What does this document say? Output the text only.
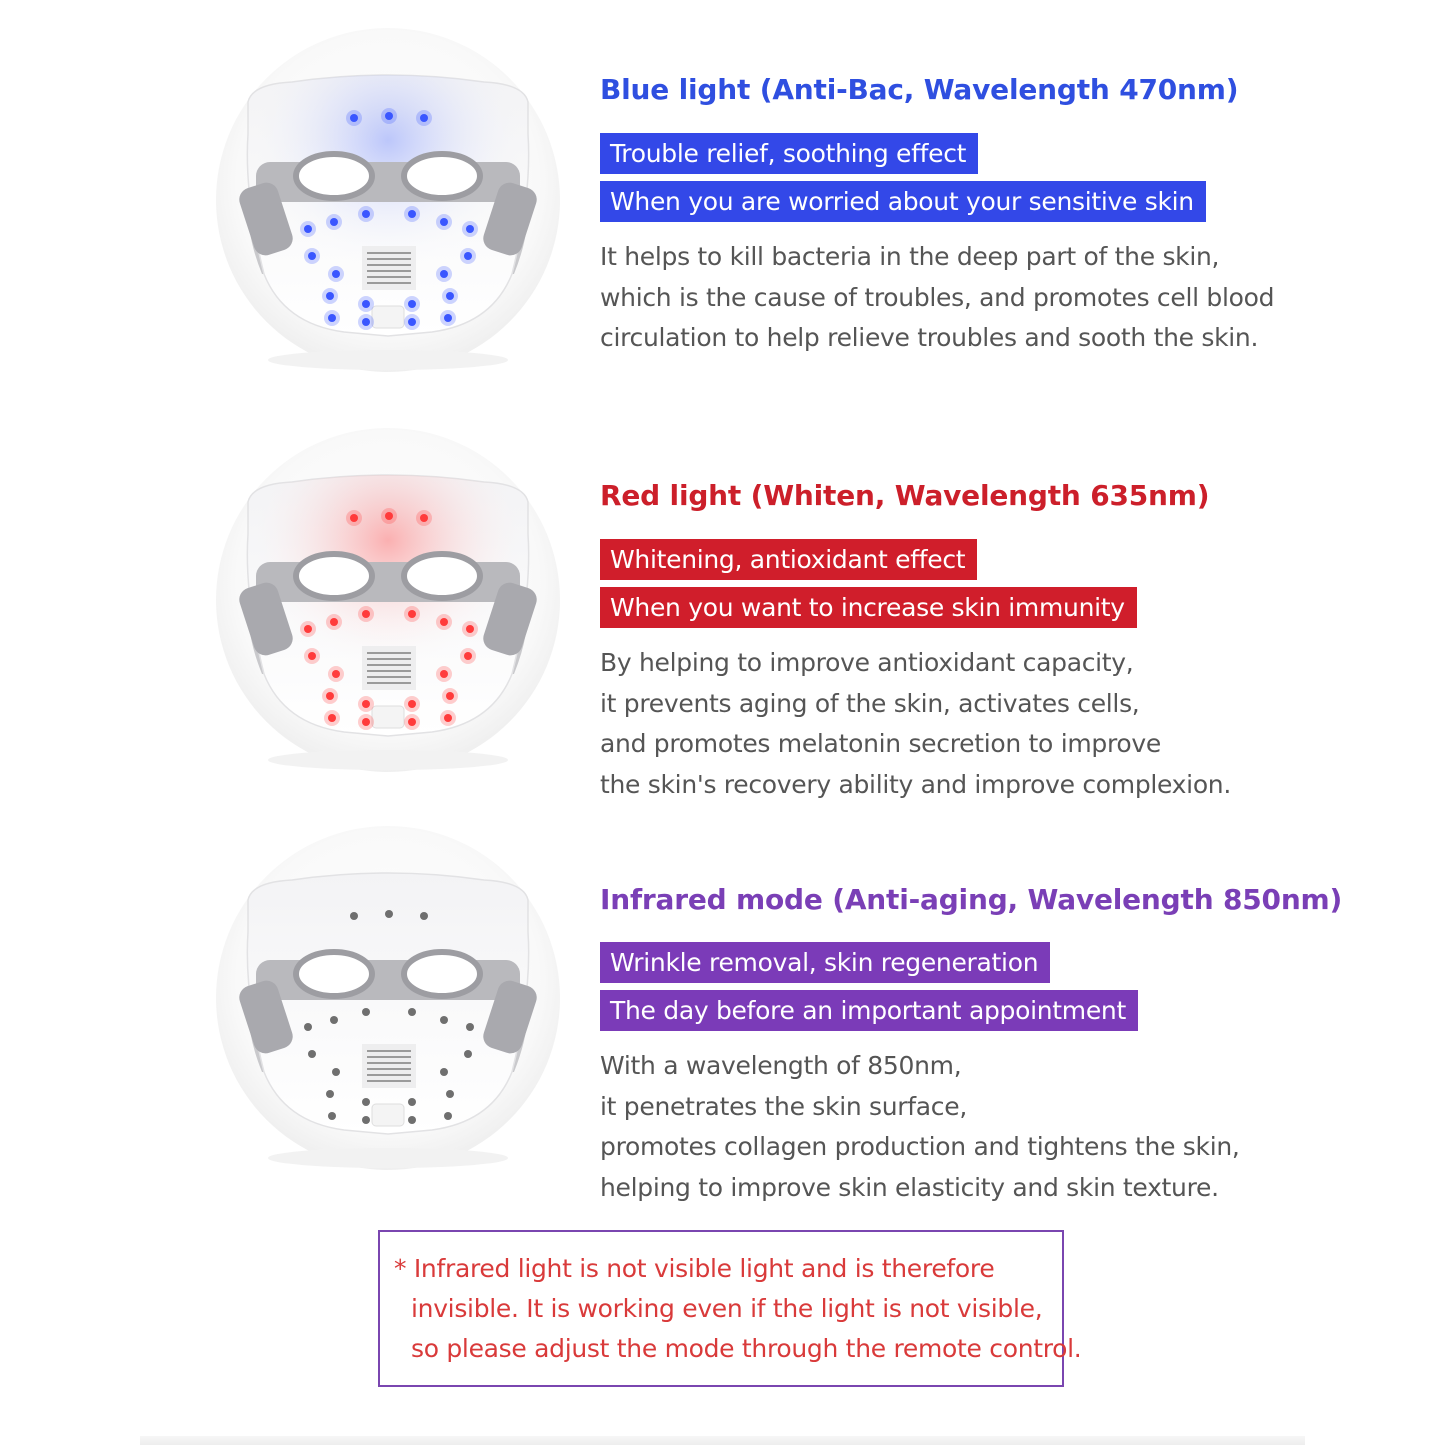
Blue light (Anti-Bac, Wavelength 470nm)
Trouble relief, soothing effect
When you are worried about your sensitive skin
It helps to kill bacteria in the deep part of the skin,
which is the cause of troubles, and promotes cell blood
circulation to help relieve troubles and sooth the skin.
Red light (Whiten, Wavelength 635nm)
Whitening, antioxidant effect
When you want to increase skin immunity
By helping to improve antioxidant capacity,
it prevents aging of the skin, activates cells,
and promotes melatonin secretion to improve
the skin's recovery ability and improve complexion.
Infrared mode (Anti-aging, Wavelength 850nm)
Wrinkle removal, skin regeneration
The day before an important appointment
With a wavelength of 850nm,
it penetrates the skin surface,
promotes collagen production and tightens the skin,
helping to improve skin elasticity and skin texture.
* Infrared light is not visible light and is therefore
invisible. It is working even if the light is not visible,
so please adjust the mode through the remote control.
